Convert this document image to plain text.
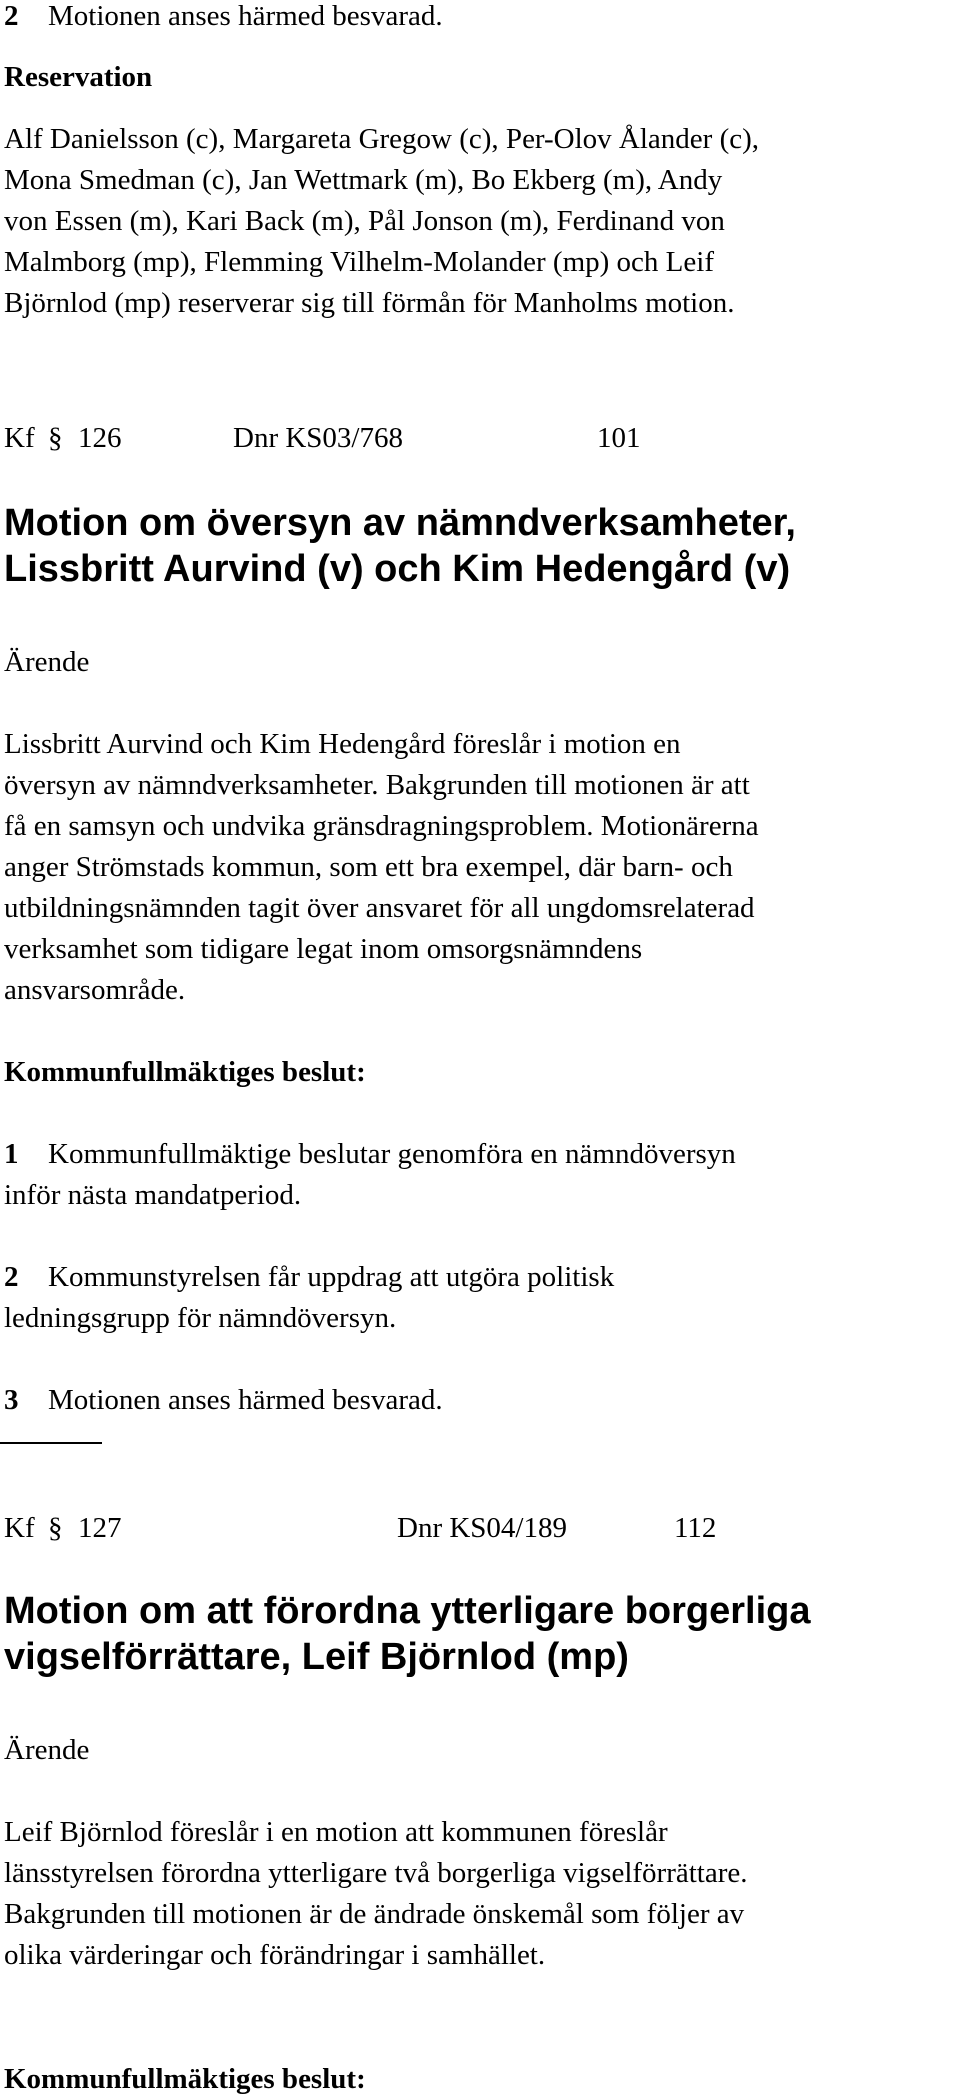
2 Motionen anses härmed besvarad.

Reservation

Alf Danielsson (c), Margareta Gregow (c), Per-Olov Ålander (c),

Mona Smedman (c), Jan Wettmark (m), Bo Ekberg (m), Andy

von Essen (m), Kari Back (m), Pål Jonson (m), Ferdinand von

Malmborg (mp), Flemming Vilhelm-Molander (mp) och Leif

Björnlod (mp) reserverar sig till förmån för Manholms motion.

Kf § 126	Dnr KS03/768	101

Motion om översyn av nämndverksamheter,

Lissbritt Aurvind (v) och Kim Hedengård (v)

Ärende

Lissbritt Aurvind och Kim Hedengård föreslår i motion en

översyn av nämndverksamheter. Bakgrunden till motionen är att

få en samsyn och undvika gränsdragningsproblem. Motionärerna

anger Strömstads kommun, som ett bra exempel, där barn- och

utbildningsnämnden tagit över ansvaret för all ungdomsrelaterad

verksamhet som tidigare legat inom omsorgsnämndens

ansvarsområde.

Kommunfullmäktiges beslut:

1 Kommunfullmäktige beslutar genomföra en nämndöversyn

inför nästa mandatperiod.

2 Kommunstyrelsen får uppdrag att utgöra politisk

ledningsgrupp för nämndöversyn.

3 Motionen anses härmed besvarad.

Kf § 127	Dnr KS04/189	112

Motion om att förordna ytterligare borgerliga

vigselförrättare, Leif Björnlod (mp)

Ärende

Leif Björnlod föreslår i en motion att kommunen föreslår

länsstyrelsen förordna ytterligare två borgerliga vigselförrättare.

Bakgrunden till motionen är de ändrade önskemål som följer av

olika värderingar och förändringar i samhället.

Kommunfullmäktiges beslut:
